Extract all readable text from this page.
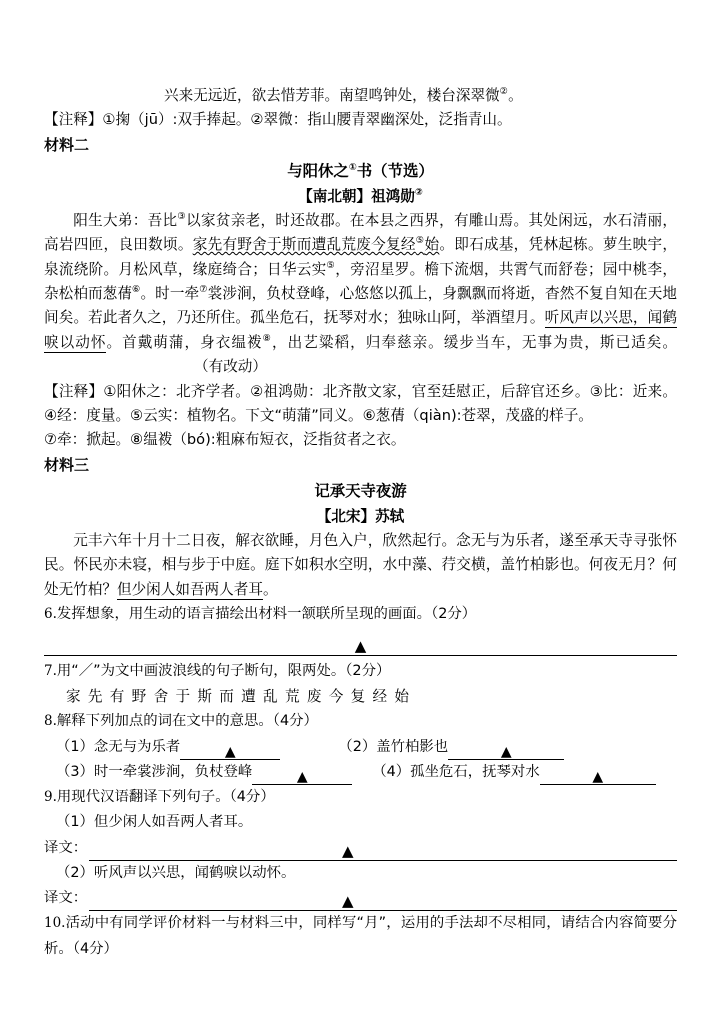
兴来无远近，欲去惜芳菲。南望鸣钟处，楼台深翠微②。
【注释】①掬（jū）:双手捧起。②翠微：指山腰青翠幽深处，泛指青山。
材料二
与阳休之①书（节选）
【南北朝】祖鸿勋②
阳生大弟：吾比③以家贫亲老，时还故郡。在本县之西界，有雕山焉。其处闲远，水石清丽，高岩四匝，良田数顷。家先有野舍于斯而遭乱荒废今复经⑤始。即石成基，凭林起栋。萝生映宇，泉流绕阶。月松风草，缘庭绮合；日华云实⑤，旁沼星罗。檐下流烟，共霄气而舒卷；园中桃李，杂松柏而葱蒨⑥。时一牵⑦裳涉涧，负杖登峰，心悠悠以孤上，身飘飘而将逝，杳然不复自知在天地间矣。若此者久之，乃还所住。孤坐危石，抚琴对水；独咏山阿，举酒望月。听风声以兴思，闻鹤唳以动怀。首戴萌蒲，身衣缊袯⑧，出艺粱稻，归奉慈亲。缓步当车，无事为贵，斯已适矣。（有改动）
【注释】①阳休之：北齐学者。②祖鸿勋：北齐散文家，官至廷慰正，后辞官还乡。③比：近来。④经：度量。⑤云实：植物名。下文“萌蒲”同义。⑥葱蒨（qiàn):苍翠，茂盛的样子。
⑦牵：掀起。⑧缊袯（bó):粗麻布短衣，泛指贫者之衣。
材料三
记承天寺夜游
【北宋】苏轼
元丰六年十月十二日夜，解衣欲睡，月色入户，欣然起行。念无与为乐者，遂至承天寺寻张怀民。怀民亦未寝，相与步于中庭。庭下如积水空明，水中藻、荇交横，盖竹柏影也。何夜无月？何处无竹柏？但少闲人如吾两人者耳。
6.发挥想象，用生动的语言描绘出材料一颔联所呈现的画面。（2分）
▲
7.用“／”为文中画波浪线的句子断句，限两处。（2分）
家先有野舍于斯而遭乱荒废今复经始
8.解释下列加点的词在文中的意思。（4分）
（1）念无与为乐者	▲	（2）盖竹柏影也	▲
（3）时一牵裳涉涧，负杖登峰	▲	（4）孤坐危石，抚琴对水	▲
9.用现代汉语翻译下列句子。（4分）
（1）但少闲人如吾两人者耳。
译文：	▲
（2）听风声以兴思，闻鹤唳以动怀。
译文：	▲
10.活动中有同学评价材料一与材料三中，同样写“月”，运用的手法却不尽相同，请结合内容简要分析。（4分）
